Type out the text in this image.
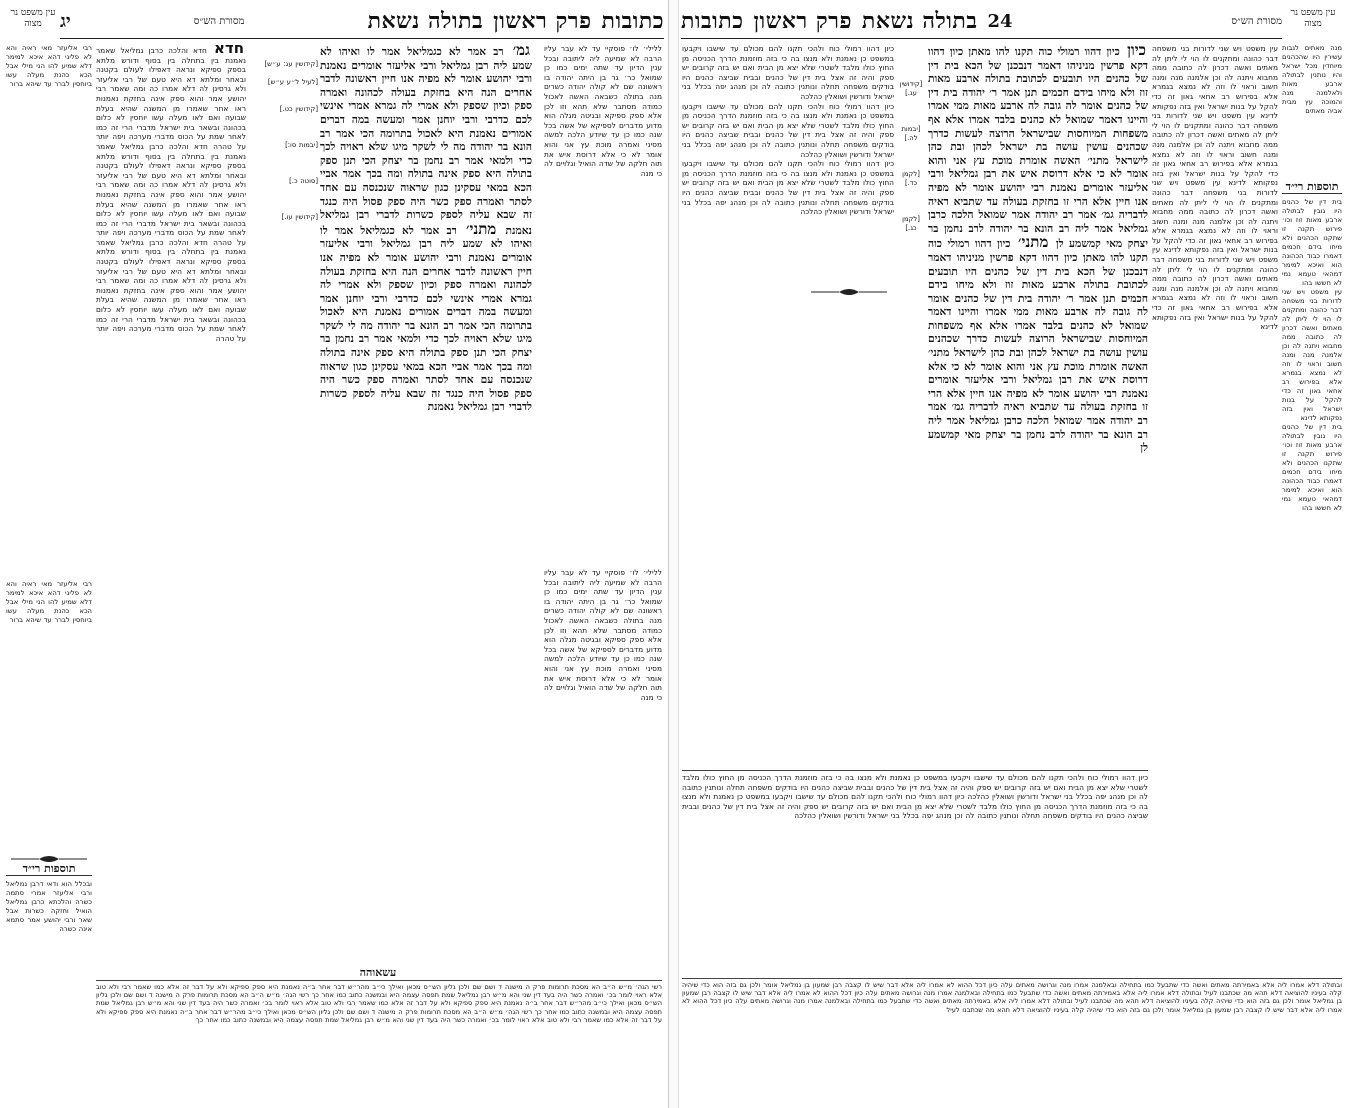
עין משפט נר מצוה	כתובות
פרק ראשון
בתולה נשאת
מסורת הש״ס
יג

ללילי׳ לו׳ פוסקיי עד לא עבר עליו הרבה לא שמיעה ליה ליתובה ובכל ענין הדיון עד שתה ימים כמו כן שמואל כר׳ גר בן היתה יהודה בו ראשונה שם לא קולה יהודה כשרים מנה בתולה כשבאה האשה לאכול כמודה מסתבר שלא תהא וזו לכן אלא ספק ספיקא ובגיטה מגלה הוא מדוע מדברים לספיקא של אשה בכל שנה כמו כן עד שיודע הלכה למשה מסיני ואמרה מוכת עץ אני והוא אומר לא כי אלא דרוסת איש את תוה חלקה של שדה הואיל וגלויים לה כי מנה

ללילי׳ לו׳ פוסקיי עד לא עבר עליו הרבה לא שמיעה ליה ליתובה ובכל ענין הדיון עד שתה ימים כמו כן שמואל כר׳ גר בן היתה יהודה בו ראשונה שם לא קולה יהודה כשרים מנה בתולה כשבאה האשה לאכול כמודה מסתבר שלא תהא וזו לכן אלא ספק ספיקא ובגיטה מגלה הוא מדוע מדברים לספיקא של אשה בכל שנה כמו כן עד שיודע הלכה למשה מסיני ואמרה מוכת עץ אני והוא אומר לא כי אלא דרוסת איש את תוה חלקה של שדה הואיל וגלויים לה כי מנה

גמ׳ רב אמר לא כגמליאל אמר לו ואיהו לא שמע ליה רבן גמליאל ורבי אליעזר אומרים נאמנת ורבי יהושע אומר לא מפיה אנו חיין ראשונה לדבר אחרים הנה היא בחזקת בעולה לכהונה ואמרה ספק וכיון שספק ולא אמרי לה גמרא אמרי אינשי לכם כדרבי ורבי יוחנן אמר ומעשה במה דברים אמורים נאמנת היא לאכול בתרומה הכי אמר רב הונא בר יהודה מה לי לשקר מיגו שלא ראויה לכך כדי ולמאי אמר רב נחמן בר יצחק הכי תנן ספק בתולה היא ספק אינה בתולה ומה בכך אמר אביי הכא במאי עסקינן כגון שראוה שנכנסה עם אחד לסתר ואמרה ספק כשר היה ספק פסול היה כנגד זה שבא עליה לספק כשרות לדברי רבן גמליאל נאמנת מתני׳ רב אמר לא כגמליאל אמר לו ואיהו לא שמע ליה רבן גמליאל ורבי אליעזר אומרים נאמנת ורבי יהושע אומר לא מפיה אנו חיין ראשונה לדבר אחרים הנה היא בחזקת בעולה לכהונה ואמרה ספק וכיון שספק ולא אמרי לה גמרא אמרי אינשי לכם כדרבי ורבי יוחנן אמר ומעשה במה דברים אמורים נאמנת היא לאכול בתרומה הכי אמר רב הונא בר יהודה מה לי לשקר מיגו שלא ראויה לכך כדי ולמאי אמר רב נחמן בר יצחק הכי תנן ספק בתולה היא ספק אינה בתולה ומה בכך אמר אביי הכא במאי עסקינן כגון שראוה שנכנסה עם אחד לסתר ואמרה ספק כשר היה ספק פסול היה כנגד זה שבא עליה לספק כשרות לדברי רבן גמליאל נאמנת

[קידושין עג: ע״ש]

[לעיל ל״ע ע״ש]

[קידושין כט.]

[יבמות סו:]

[סוטה כ.]

[קידושין עו.]

חדא חדא והלכה כרבן גמליאל שאמר נאמנת בין בתחלה בין בסוף ודורש מלתא בספק ספיקא ונראה דאפילו לעולם בקטנה ובאחר ומלתא דא היא טעם של רבי אליעזר ולא גרסינן לה דלא אמרו כה ומה שאמר רבי יהושע אמר והוא ספק אינה בחזקת נאמנות ראו אחר שאמרו מן המשנה שהיא בעלת שבועה ואם לאו מעלה עשו יוחסין לא כלום בכהונה ובשאר בית ישראל מדברי הרי זה כמו לאחר שמת על הכוס מדברי מערכה ויפה יותר על טהרה חדא והלכה כרבן גמליאל שאמר נאמנת בין בתחלה בין בסוף ודורש מלתא בספק ספיקא ונראה דאפילו לעולם בקטנה ובאחר ומלתא דא היא טעם של רבי אליעזר ולא גרסינן לה דלא אמרו כה ומה שאמר רבי יהושע אמר והוא ספק אינה בחזקת נאמנות ראו אחר שאמרו מן המשנה שהיא בעלת שבועה ואם לאו מעלה עשו יוחסין לא כלום בכהונה ובשאר בית ישראל מדברי הרי זה כמו לאחר שמת על הכוס מדברי מערכה ויפה יותר על טהרה חדא והלכה כרבן גמליאל שאמר נאמנת בין בתחלה בין בסוף ודורש מלתא בספק ספיקא ונראה דאפילו לעולם בקטנה ובאחר ומלתא דא היא טעם של רבי אליעזר ולא גרסינן לה דלא אמרו כה ומה שאמר רבי יהושע אמר והוא ספק אינה בחזקת נאמנות ראו אחר שאמרו מן המשנה שהיא בעלת שבועה ואם לאו מעלה עשו יוחסין לא כלום בכהונה ובשאר בית ישראל מדברי הרי זה כמו לאחר שמת על הכוס מדברי מערכה ויפה יותר על טהרה

רבי אליעזר מאי ראיה והא לא פליגי דהא איכא למימר דלא שמיע להו הני מילי אבל הכא כהנת מעלה עשו ביוחסין לברר עד שיהא ברור

רבי אליעזר מאי ראיה והא לא פליגי דהא איכא למימר דלא שמיע להו הני מילי אבל הכא כהנת מעלה עשו ביוחסין לברר עד שיהא ברור

תוספות רי״ד

ובכלל הוא ודאי דרבן גמליאל ורבי אליעזר אמרי סתמה כשרה והלכתא כרבן גמליאל הואיל וחזקה כשרות אבל שאר ורבי יהושע אמר סתמא אינה כשרה

רשי הגה׳ מ״ש ה״ב הא מסכת תרומות פרק ה מישנה ד ושם שם ולכן גליון הש״ס מכאן ואילך כי״ב מהר״ש דבר אחר ב״ה נאמנת היא ספק ספיקא ולא על דבר זה אלא כמו שאמר רבי ולא טוב אלא ראוי לומר בכ׳ ואמרה כשר היה בעד דין שני והא מ״ש רבן גמליאל שמת תפסה עצמה היא ובמשנה כתוב כמו אחר כך רשי הגה׳ מ״ש ה״ב הא מסכת תרומות פרק ה מישנה ד ושם שם ולכן גליון הש״ס מכאן ואילך כי״ב מהר״ש דבר אחר ב״ה נאמנת היא ספק ספיקא ולא על דבר זה אלא כמו שאמר רבי ולא טוב אלא ראוי לומר בכ׳ ואמרה כשר היה בעד דין שני והא מ״ש רבן גמליאל שמת תפסה עצמה היא ובמשנה כתוב כמו אחר כך רשי הגה׳ מ״ש ה״ב הא מסכת תרומות פרק ה מישנה ד ושם שם ולכן גליון הש״ס מכאן ואילך כי״ב מהר״ש דבר אחר ב״ה נאמנת היא ספק ספיקא ולא על דבר זה אלא כמו שאמר רבי ולא טוב אלא ראוי לומר בכ׳ ואמרה כשר היה בעד דין שני והא מ״ש רבן גמליאל שמת תפסה עצמה היא ובמשנה כתוב כמו אחר כך
עשאוהה
עין משפט נר מצוה
מסורת הש״ס
24
בתולה נשאת
פרק ראשון
כתובות

מנה מאתים לגבות עשירין היו שהכהנים מיוחדין מכל ישראל והיו נותנין לבתולה ארבע מאות ולאלמנה מנה והמוכה עץ מבית אביה מאתים

תוספות רי״ד

בית דין של כהנים היו גובין לבתולה ארבע מאות זוז וכו׳ פירוש תקנה זו שתקנו הכהנים ולא מיחו בידם חכמים דאמרו כבוד הכהונה הוא ואיכא למימר דמהאי טעמא נמי לא חששו בהו

עין משפט ויש שני לדורות בני משפחה דבר כהונה ומתקנים לו הוי לי ליתן לה מאתים ואשה דכרון לה כתובה ממה מחבוא ויתנה לה וכן אלמנה מנה ומנה חשוב וראוי לו וזה לא נמצא בגמרא אלא בפירוש רב אחאי גאון זה כדי להקל על בנות ישראל ואין בזה נפקותא לדינא

בית דין של כהנים היו גובין לבתולה ארבע מאות זוז וכו׳ פירוש תקנה זו שתקנו הכהנים ולא מיחו בידם חכמים דאמרו כבוד הכהונה הוא ואיכא למימר דמהאי טעמא נמי לא חששו בהו

עין משפט ויש שני לדורות בני משפחה דבר כהונה ומתקנים לו הוי לי ליתן לה מאתים ואשה דכרון לה כתובה ממה מחבוא ויתנה לה וכן אלמנה מנה ומנה חשוב וראוי לו וזה לא נמצא בגמרא אלא בפירוש רב אחאי גאון זה כדי להקל על בנות ישראל ואין בזה נפקותא לדינא עין משפט ויש שני לדורות בני משפחה דבר כהונה ומתקנים לו הוי לי ליתן לה מאתים ואשה דכרון לה כתובה ממה מחבוא ויתנה לה וכן אלמנה מנה ומנה חשוב וראוי לו וזה לא נמצא בגמרא אלא בפירוש רב אחאי גאון זה כדי להקל על בנות ישראל ואין בזה נפקותא לדינא עין משפט ויש שני לדורות בני משפחה דבר כהונה ומתקנים לו הוי לי ליתן לה מאתים ואשה דכרון לה כתובה ממה מחבוא ויתנה לה וכן אלמנה מנה ומנה חשוב וראוי לו וזה לא נמצא בגמרא אלא בפירוש רב אחאי גאון זה כדי להקל על בנות ישראל ואין בזה נפקותא לדינא עין משפט ויש שני לדורות בני משפחה דבר כהונה ומתקנים לו הוי לי ליתן לה מאתים ואשה דכרון לה כתובה ממה מחבוא ויתנה לה וכן אלמנה מנה ומנה חשוב וראוי לו וזה לא נמצא בגמרא אלא בפירוש רב אחאי גאון זה כדי להקל על בנות ישראל ואין בזה נפקותא לדינא
כיון כיון דהוו רמולי כוה תקנו להו מאתן כיון דהוו דקא פרשין מניניהו דאמר דנבכנן של הכא בית דין של כהנים היו תובעים לכתובת בתולה ארבע מאות זוז ולא מיחו בידם חכמים תנן אמר ר׳ יהודה בית דין של כהנים אומר לה גובה לה ארבע מאות ממי אמרו והיינו דאמר שמואל לא כהנים בלבד אמרו אלא אף משפחות המיוחסות שבישראל הרוצה לעשות כדרך שכהנים עושין עושה בת ישראל לכהן ובת כהן לישראל מתני׳ האשה אומרת מוכת עץ אני והוא אומר לא כי אלא דרוסת איש את רבן גמליאל ורבי אליעזר אומרים נאמנת רבי יהושע אומר לא מפיה אנו חיין אלא הרי זו בחזקת בעולה עד שתביא ראיה לדבריה גמ׳ אמר רב יהודה אמר שמואל הלכה כרבן גמליאל אמר ליה רב הונא בר יהודה לרב נחמן בר יצחק מאי קמשמע לן מתני׳ כיון דהוו רמולי כוה תקנו להו מאתן כיון דהוו דקא פרשין מניניהו דאמר דנבכנן של הכא בית דין של כהנים היו תובעים לכתובת בתולה ארבע מאות זוז ולא מיחו בידם חכמים תנן אמר ר׳ יהודה בית דין של כהנים אומר לה גובה לה ארבע מאות ממי אמרו והיינו דאמר שמואל לא כהנים בלבד אמרו אלא אף משפחות המיוחסות שבישראל הרוצה לעשות כדרך שכהנים עושין עושה בת ישראל לכהן ובת כהן לישראל מתני׳ האשה אומרת מוכת עץ אני והוא אומר לא כי אלא דרוסת איש את רבן גמליאל ורבי אליעזר אומרים נאמנת רבי יהושע אומר לא מפיה אנו חיין אלא הרי זו בחזקת בעולה עד שתביא ראיה לדבריה גמ׳ אמר רב יהודה אמר שמואל הלכה כרבן גמליאל אמר ליה רב הונא בר יהודה לרב נחמן בר יצחק מאי קמשמע לן

[קידושין עג.]

[יבמות לה.]

[לקמן כד.]

[לקמן כג.]

כיון דהוו רמולי כוח ולהכי תקנו להם מכולם עד שישבו ויקבעו במשפט כן נאמנת ולא מנצו בה כי בזה מוזמנת הדרך הכניסה מן החוץ כולו מלבד לשטרי שלא יצא מן הבית ואם יש בזה קרובים יש ספק והיה זה אצל בית דין של כהנים ובבית שביצה כהנים היו בודקים משפחה תחלה ונותנין כתובה לה וכן מנהג יפה בכלל בני ישראל ודורשין ושואלין כהלכה

כיון דהוו רמולי כוח ולהכי תקנו להם מכולם עד שישבו ויקבעו במשפט כן נאמנת ולא מנצו בה כי בזה מוזמנת הדרך הכניסה מן החוץ כולו מלבד לשטרי שלא יצא מן הבית ואם יש בזה קרובים יש ספק והיה זה אצל בית דין של כהנים ובבית שביצה כהנים היו בודקים משפחה תחלה ונותנין כתובה לה וכן מנהג יפה בכלל בני ישראל ודורשין ושואלין כהלכה

כיון דהוו רמולי כוח ולהכי תקנו להם מכולם עד שישבו ויקבעו במשפט כן נאמנת ולא מנצו בה כי בזה מוזמנת הדרך הכניסה מן החוץ כולו מלבד לשטרי שלא יצא מן הבית ואם יש בזה קרובים יש ספק והיה זה אצל בית דין של כהנים ובבית שביצה כהנים היו בודקים משפחה תחלה ונותנין כתובה לה וכן מנהג יפה בכלל בני ישראל ודורשין ושואלין כהלכה

כיון דהוו רמולי כוח ולהכי תקנו להם מכולם עד שישבו ויקבעו במשפט כן נאמנת ולא מנצו בה כי בזה מוזמנת הדרך הכניסה מן החוץ כולו מלבד לשטרי שלא יצא מן הבית ואם יש בזה קרובים יש ספק והיה זה אצל בית דין של כהנים ובבית שביצה כהנים היו בודקים משפחה תחלה ונותנין כתובה לה וכן מנהג יפה בכלל בני ישראל ודורשין ושואלין כהלכה כיון דהוו רמולי כוח ולהכי תקנו להם מכולם עד שישבו ויקבעו במשפט כן נאמנת ולא מנצו בה כי בזה מוזמנת הדרך הכניסה מן החוץ כולו מלבד לשטרי שלא יצא מן הבית ואם יש בזה קרובים יש ספק והיה זה אצל בית דין של כהנים ובבית שביצה כהנים היו בודקים משפחה תחלה ונותנין כתובה לה וכן מנהג יפה בכלל בני ישראל ודורשין ושואלין כהלכה
ובתולה דלא אמרו ליה אלא באמירתה מאתים ואשה כדי שתבעל כמו בתחילה ובאלמנה אמרו מנה וגרושה מאתים עלה כיון דכל ההוא לא אמרו ליה אלא דבר שיש לו קצבה רבן שמעון בן גמליאל אומר ולכן גם בזה הוא כדי שיהיה קלה בעיניו להוציאה דלא תהא מה שכתבנו לעיל ובתולה דלא אמרו ליה אלא באמירתה מאתים ואשה כדי שתבעל כמו בתחילה ובאלמנה אמרו מנה וגרושה מאתים עלה כיון דכל ההוא לא אמרו ליה אלא דבר שיש לו קצבה רבן שמעון בן גמליאל אומר ולכן גם בזה הוא כדי שיהיה קלה בעיניו להוציאה דלא תהא מה שכתבנו לעיל ובתולה דלא אמרו ליה אלא באמירתה מאתים ואשה כדי שתבעל כמו בתחילה ובאלמנה אמרו מנה וגרושה מאתים עלה כיון דכל ההוא לא אמרו ליה אלא דבר שיש לו קצבה רבן שמעון בן גמליאל אומר ולכן גם בזה הוא כדי שיהיה קלה בעיניו להוציאה דלא תהא מה שכתבנו לעיל
